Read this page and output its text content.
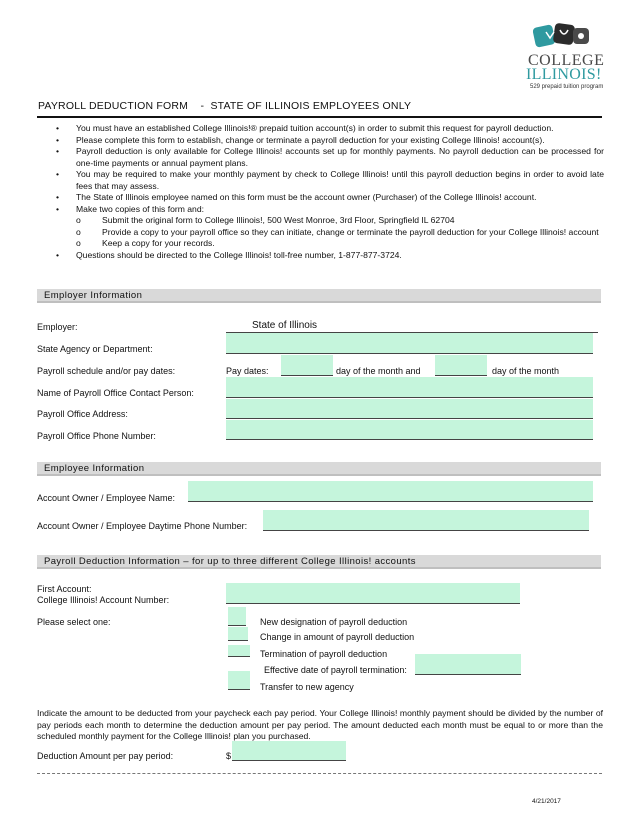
COLLEGE
ILLINOIS!
529 prepaid tuition program
PAYROLL DEDUCTION FORM    -  STATE OF ILLINOIS EMPLOYEES ONLY
• You must have an established College Illinois!® prepaid tuition account(s) in order to submit this request for payroll deduction.
• Please complete this form to establish, change or terminate a payroll deduction for your existing College Illinois! account(s).
• Payroll deduction is only available for College Illinois! accounts set up for monthly payments. No payroll deduction can be processed for one-time payments or annual payment plans.
• You may be required to make your monthly payment by check to College Illinois! until this payroll deduction begins in order to avoid late fees that may assess.
• The State of Illinois employee named on this form must be the account owner (Purchaser) of the College Illinois! account.
• Make two copies of this form and:
o Submit the original form to College Illinois!, 500 West Monroe, 3rd Floor, Springfield IL 62704
o Provide a copy to your payroll office so they can initiate, change or terminate the payroll deduction for your College Illinois! account
o Keep a copy for your records.
• Questions should be directed to the College Illinois! toll-free number, 1-877-877-3724.
Employer Information
Employer:	State of Illinois
State Agency or Department:
Payroll schedule and/or pay dates:	Pay dates:	day of the month and	day of the month
Name of Payroll Office Contact Person:
Payroll Office Address:
Payroll Office Phone Number:
Employee Information
Account Owner / Employee Name:
Account Owner / Employee Daytime Phone Number:
Payroll Deduction Information – for up to three different College Illinois! accounts
First Account:
College Illinois! Account Number:
Please select one:	New designation of payroll deduction
Change in amount of payroll deduction
Termination of payroll deduction
Effective date of payroll termination:
Transfer to new agency
Indicate the amount to be deducted from your paycheck each pay period. Your College Illinois! monthly payment should be divided by the number of pay periods each month to determine the deduction amount per pay period. The amount deducted each month must be equal to or more than the scheduled monthly payment for the College Illinois! plan you purchased.
Deduction Amount per pay period:	$
4/21/2017
